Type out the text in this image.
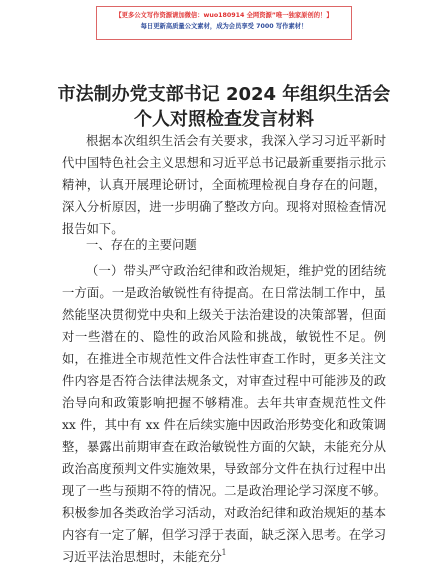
【更多公文写作资源请加微信：wuo180914 全网资源”唯一独家原创的！】
每日更新高质量公文素材，成为会员享受 7000 写作素材！
市法制办党支部书记 2024 年组织生活会个人对照检查发言材料

根据本次组织生活会有关要求，我深入学习习近平新时代中国特色社会主义思想和习近平总书记最新重要指示批示精神，认真开展理论研讨，全面梳理检视自身存在的问题，深入分析原因，进一步明确了整改方向。现将对照检查情况报告如下。

一、存在的主要问题

（一）带头严守政治纪律和政治规矩，维护党的团结统一方面。一是政治敏锐性有待提高。在日常法制工作中，虽然能坚决贯彻党中央和上级关于法治建设的决策部署，但面对一些潜在的、隐性的政治风险和挑战，敏锐性不足。例如，在推进全市规范性文件合法性审查工作时，更多关注文件内容是否符合法律法规条文，对审查过程中可能涉及的政治导向和政策影响把握不够精准。去年共审查规范性文件 xx 件，其中有 xx 件在后续实施中因政治形势变化和政策调整，暴露出前期审查在政治敏锐性方面的欠缺，未能充分从政治高度预判文件实施效果，导致部分文件在执行过程中出现了一些与预期不符的情况。二是政治理论学习深度不够。积极参加各类政治学习活动，对政治纪律和政治规矩的基本内容有一定了解，但学习浮于表面，缺乏深入思考。在学习习近平法治思想时，未能充分 1
